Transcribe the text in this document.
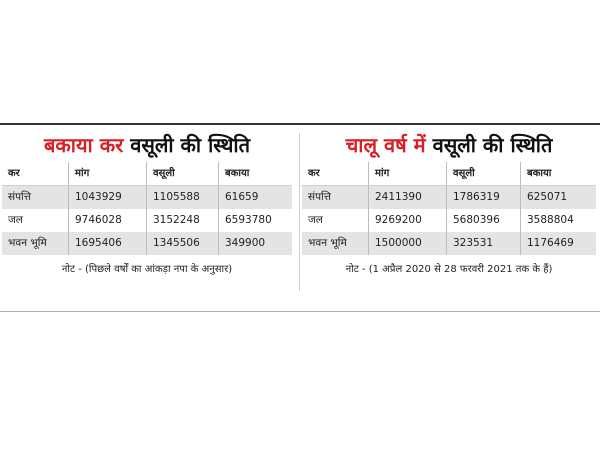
बकाया कर
वसूली की स्थिति
कर	मांग	वसूली	बकाया
संपत्ति	1043929	1105588	61659
जल	9746028	3152248	6593780
भवन भूमि	1695406	1345506	349900
नोट - (पिछले वर्षों का आंकड़ा नपा के अनुसार)
चालू वर्ष में
वसूली की स्थिति
कर	मांग	वसूली	बकाया
संपत्ति	2411390	1786319	625071
जल	9269200	5680396	3588804
भवन भूमि	1500000	323531	1176469
नोट - (1 अप्रैल 2020 से 28 फरवरी 2021 तक के हैं)
